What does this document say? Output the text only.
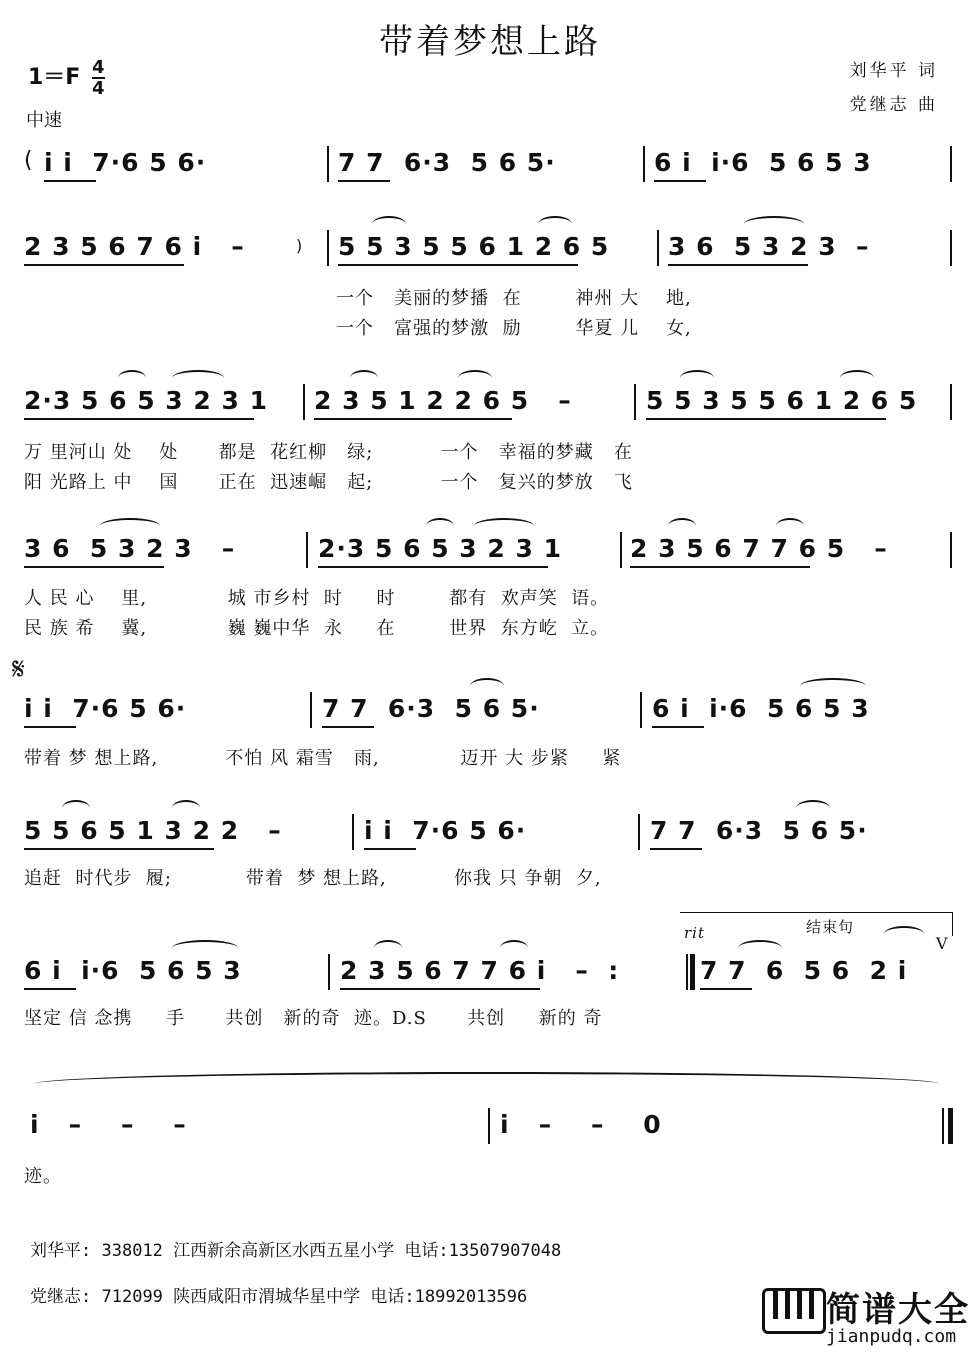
带着梦想上路
$1=F \frac{4}{4}$
中速
刘华平 词
党继志 曲
( i i  7·6 5 6·	7 7  6·3  5 6 5·	6 i  i·6  5 6 5 3
2 3 5 6 7 6 i   –	) 5 5 3 5 5 6 1 2 6 5 3 6  5 3 2 3  –
一个   美丽的梦播  在        神州 大    地,
一个   富强的梦激  励        华夏 儿    女,
2·3 5 6 5 3 2 3 1 2 3 5 1 2 2 6 5   –	5 5 3 5 5 6 1 2 6 5
万 里河山 处    处      都是  花红柳   绿;          一个   幸福的梦藏   在
阳 光路上 中    国      正在  迅速崛   起;          一个   复兴的梦放   飞
3 6  5 3 2 3   –	2·3 5 6 5 3 2 3 1	2 3 5 6 7 7 6 5   –
人 民 心    里,            城 市乡村  时     时        都有  欢声笑  语。
民 族 希    冀,            巍 巍中华  永     在        世界  东方屹  立。
𝄋
i i  7·6 5 6·	7 7  6·3  5 6 5·	6 i  i·6  5 6 5 3
带着 梦 想上路,          不怕 风 霜雪   雨,            迈开 大 步紧     紧
5 5 6 5 1 3 2 2   –	i i  7·6 5 6·	7 7  6·3  5 6 5·
追赶  时代步  履;           带着  梦 想上路,          你我 只 争朝  夕,
rit	结束句
V
6 i  i·6  5 6 5 3	2 3 5 6 7 7 6 i   –  :	7 7  6  5 6  2 i
坚定 信 念携     手      共创   新的奇  迹。D.S      共创     新的 奇
i   –    –    –	i   –    –    0
迹。
刘华平: 338012 江西新余高新区水西五星小学 电话:13507907048
党继志: 712099 陕西咸阳市渭城华星中学 电话:18992013596	简谱大全
jianpudq.com
